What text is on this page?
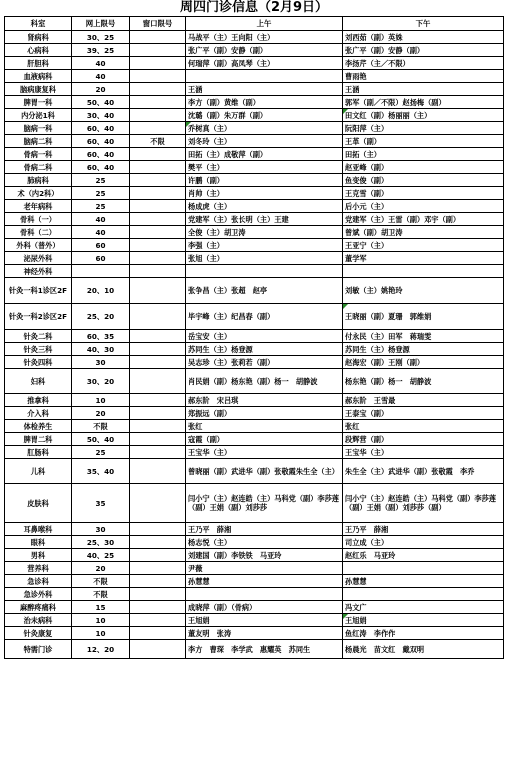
周四门诊信息（2月9日）
科室	网上限号	窗口限号	上午	下午
肾病科	30、25		马战平（主）王向阳（主）	刘西茹（副）英姝
心病科	39、25		张广平（副）安静（副）	张广平（副）安静（副）
肝胆科	40		何瑞萍（副）高凤琴（主）	李扬芹（主／不限）
血液病科	40			曹雨艳
脑病康复科	20		王涵	王涵
脾胃一科	50、40		李方（副）黄维（副）	郭军（副／不限）赵扬梅（副）
内分泌1科	30、40		沈璐（副）朱万群（副）	田文红（副）杨丽丽（主）
脑病一科	60、40		乔树真（主）	阮阳萍（主）
脑病二科	60、40	不限	刘冬玲（主）	王革（副）
骨病一科	60、40		田拓（主）成敬萍（副）	田拓（主）
骨病二科	60、40		樊平（主）	赵亚峰（副）
肺病科	25		许鹏（副）	鱼变俊（副）
术（内2科）	25		肖帅（主）	王克雪（副）
老年病科	25		杨成虎（主）	后小元（主）
骨科（一）	40		党建军（主）张长明（主）王建	党建军（主）王雷（副）邓宇（副）
骨科（二）	40		全俊（主）胡卫涛	曾斌（副）胡卫涛
外科（普外）	60		李强（主）	王亚宁（主）
泌尿外科	60		张旭（主）	董学军
神经外科				
针灸一科1诊区2F	20、10		张争昌（主）张超　赵亭	刘敏（主）姚艳玲
针灸一科2诊区2F	25、20		毕宇峰（主）纪昌春（副）	王晓丽（副）夏珊　郭维娟
针灸二科	60、35		岳宝安（主）	付永民（主）田军　蒋瑞雯
针灸三科	40、30		苏同生（主）杨登源	苏同生（主）杨登源
针灸四科	30		吴志珍（主）张莉若（副）	赵海宏（副）王刚（副）
妇科	30、20		肖民娟（副）杨东艳（副）杨一　胡静波	杨东艳（副）杨一　胡静波
推拿科	10		郝东阶　宋吕琪	郝东阶　王雪最
介入科	20		郑振远（副）	王泰宝（副）
体检养生	不限		张红	张红
脾胃二科	50、40		寇霞（副）	段辉营（副）
肛肠科	25		王宝华（主）	王宝华（主）
儿科	35、40		曾晓丽（副）武进华（副）张敬霞朱生全（主）	朱生全（主）武进华（副）张敬霞　李乔
皮肤科	35		闫小宁（主）赵连皓（主）马科党（副）李莎莲（副）王娟（副）刘莎莎	闫小宁（主）赵连皓（主）马科党（副）李莎莲（副）王娟（副）刘莎莎（副）
耳鼻喉科	30		王乃平　薛湘	王乃平　薛湘
眼科	25、30		杨志悦（主）	司立成（主）
男科	40、25		刘建国（副）李铁铁　马亚玲	赵红乐　马亚玲
营养科	20		尹薇	
急诊科	不限		孙慧慧	孙慧慧
急诊外科	不限			
麻醉疼痛科	15		成晓萍（副）（骨病）	冯文广
治未病科	10		王旭娟	王旭娟
针灸康复	10		董友明　张涛	鱼红涛　李作作
特需门诊	12、20		李方　曹琛　李学武　惠耀英　苏同生	杨晨光　苗文红　戴双明
